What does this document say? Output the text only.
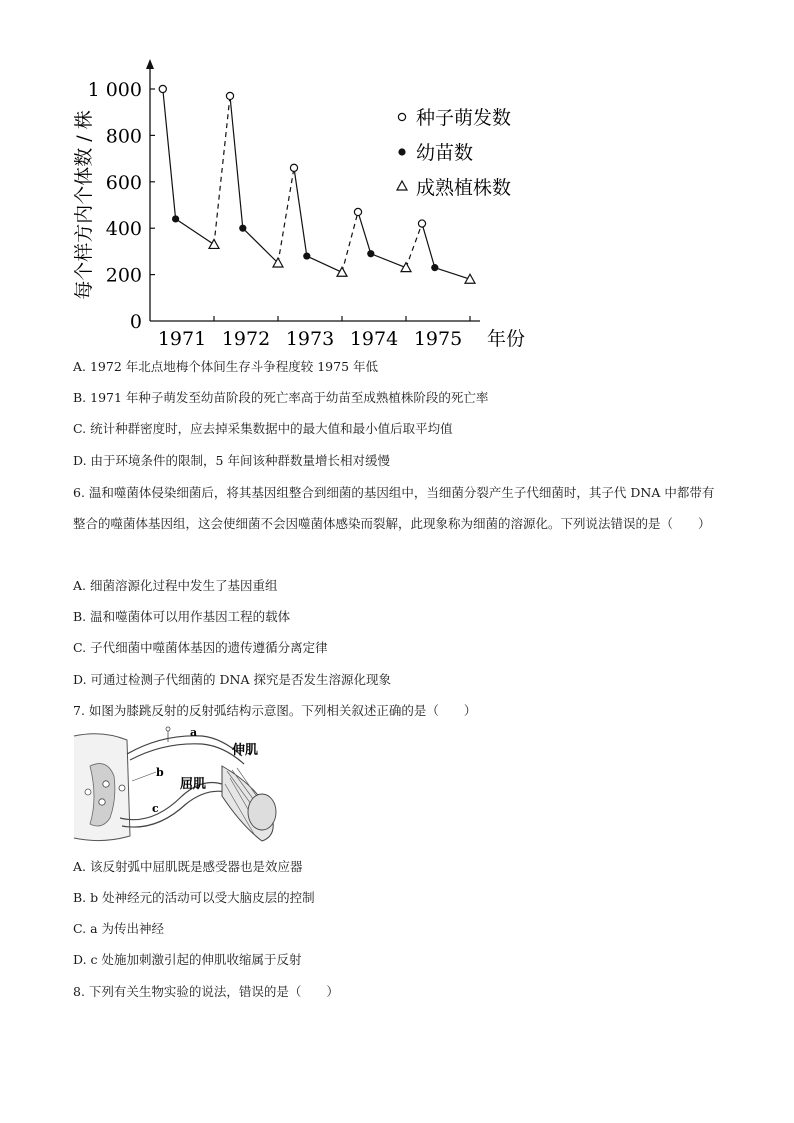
0
200
400
600
800
1 000
1971 1972 1973 1974 1975
每个样方内个体数 / 株
年份
种子萌发数
幼苗数
成熟植株数
A. 1972 年北点地梅个体间生存斗争程度较 1975 年低
B. 1971 年种子萌发至幼苗阶段的死亡率高于幼苗至成熟植株阶段的死亡率
C. 统计种群密度时，应去掉采集数据中的最大值和最小值后取平均值
D. 由于环境条件的限制，5 年间该种群数量增长相对缓慢
6. 温和噬菌体侵染细菌后，将其基因组整合到细菌的基因组中，当细菌分裂产生子代细菌时，其子代 DNA 中都带有整合的噬菌体基因组，这会使细菌不会因噬菌体感染而裂解，此现象称为细菌的溶源化。下列说法错误的是（　　）
A. 细菌溶源化过程中发生了基因重组
B. 温和噬菌体可以用作基因工程的载体
C. 子代细菌中噬菌体基因的遗传遵循分离定律
D. 可通过检测子代细菌的 DNA 探究是否发生溶源化现象
7. 如图为膝跳反射的反射弧结构示意图。下列相关叙述正确的是（　　）
a
b
c
伸肌
屈肌
A. 该反射弧中屈肌既是感受器也是效应器
B. b 处神经元的活动可以受大脑皮层的控制
C. a 为传出神经
D. c 处施加刺激引起的伸肌收缩属于反射
8. 下列有关生物实验的说法，错误的是（　　）
